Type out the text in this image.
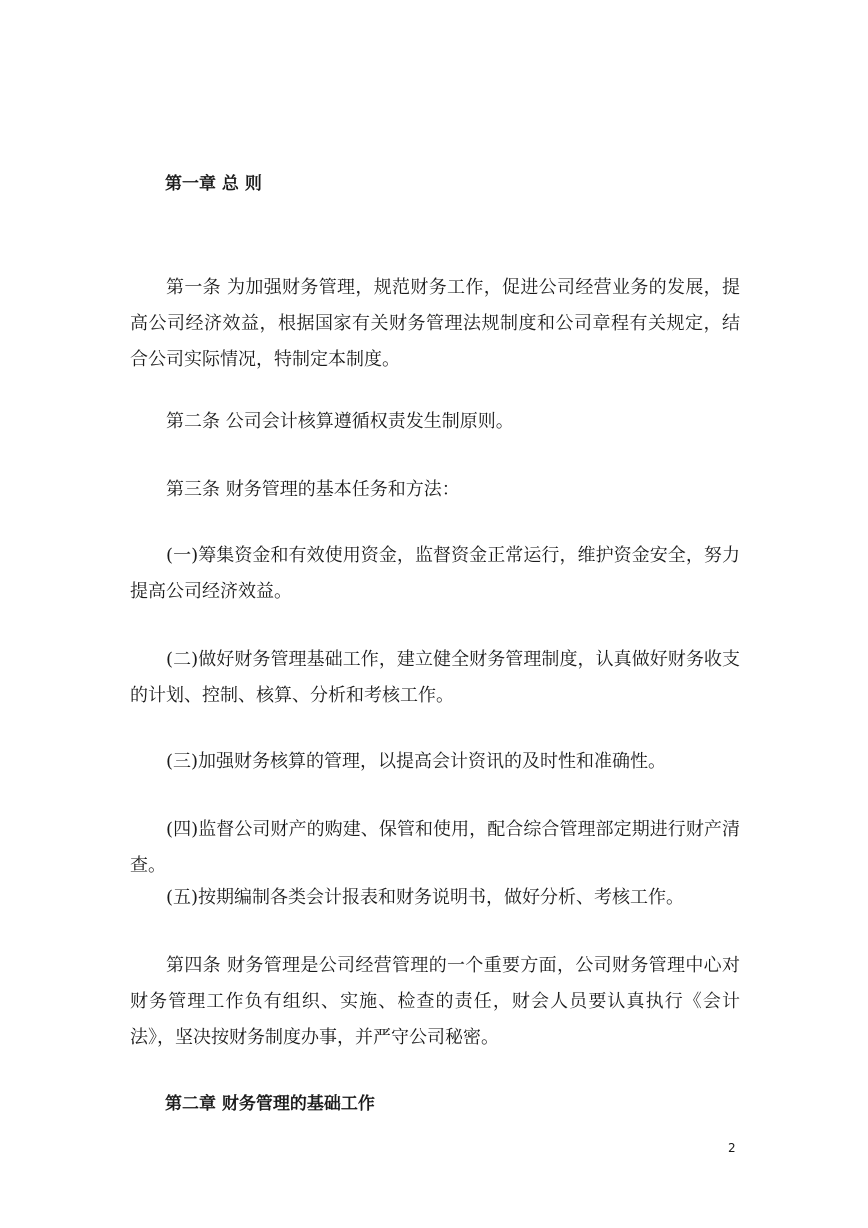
第一章 总 则

第一条 为加强财务管理，规范财务工作，促进公司经营业务的发展，提高公司经济效益，根据国家有关财务管理法规制度和公司章程有关规定，结合公司实际情况，特制定本制度。

第二条 公司会计核算遵循权责发生制原则。

第三条 财务管理的基本任务和方法：

(一)筹集资金和有效使用资金，监督资金正常运行，维护资金安全，努力提高公司经济效益。

(二)做好财务管理基础工作，建立健全财务管理制度，认真做好财务收支的计划、控制、核算、分析和考核工作。

(三)加强财务核算的管理，以提高会计资讯的及时性和准确性。

(四)监督公司财产的购建、保管和使用，配合综合管理部定期进行财产清查。

(五)按期编制各类会计报表和财务说明书，做好分析、考核工作。

第四条 财务管理是公司经营管理的一个重要方面，公司财务管理中心对财务管理工作负有组织、实施、检查的责任，财会人员要认真执行《会计法》，坚决按财务制度办事，并严守公司秘密。

第二章 财务管理的基础工作

2
